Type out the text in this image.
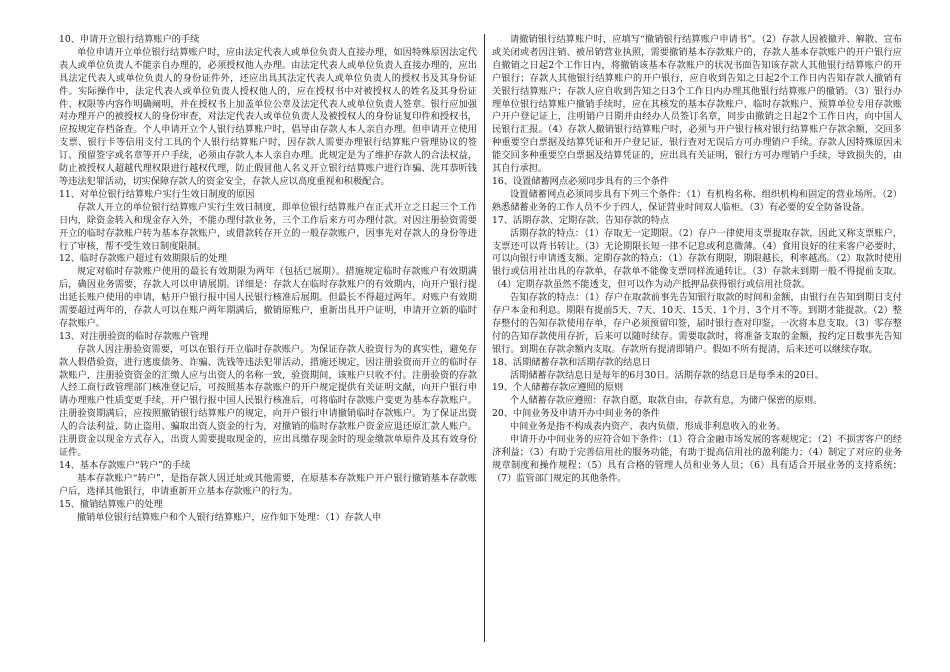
10、申请开立银行结算账户的手续

单位申请开立单位银行结算账户时，应由法定代表人或单位负责人直接办理，如因特殊原因法定代表人或单位负责人不能亲自办理的，必须授权他人办理。由法定代表人或单位负责人直接办理的，应出具法定代表人或单位负责人的身份证件外，还应出具其法定代表人或单位负责人的授权书及其身份证件。实际操作中，法定代表人或单位负责人授权他人的，应在授权书中对被授权人的姓名及其身份证件、权限等内容作明确阐明，并在授权书上加盖单位公章及法定代表人或单位负责人签章。银行应加强对办理开户的被授权人的身份审查，对法定代表人或单位负责人及被授权人的身份证复印件和授权书，应按规定存档备查。个人申请开立个人银行结算账户时，倡导由存款人本人亲自办理。但申请开立使用支票、银行卡等信用支付工具的个人银行结算账户时，因存款人需要办理银行结算账户管理协议的签订、预留签字或名章等开户手续，必须由存款人本人亲自办理。此规定是为了维护存款人的合法权益，防止被授权人超越代理权限进行越权代理，防止假冒他人名义开立银行结算账户进行诈骗、洗耳恭听钱等违法犯罪活动，切实保障存款人的资金安全，存款人应以高度重视和积极配合。

11、对单位银行结算账户实行生效日制度的原因

存款人开立的单位银行结算账户实行生效日制度，即单位银行结算账户在正式开立之日起三个工作日内，除资金转入和现金存入外，不能办理付款业务，三个工作后来方可办理付款。对因注册验资需要开立的临时存款账户转为基本存款账户，或借款转存开立的一般存款账户，因事先对存款人的身份等进行了审核，帮不受生效日制度限制。

12、临时存款账户超过有效期限后的处理

规定对临时存款账户使用的最长有效期限为两年（包括已展期）。措施规定临时存款账户有效期满后，确因业务需要，存款人可以申请展期。详细是：存款人在临时存款账户的有效期内，向开户银行提出延长账户使用的申请，帖开户银行报中国人民银行核准后展期。但最长不得超过两年。对账户有效期需要超过两年的，存款人可以在账户两年期满后，撤销原账户，重新出具开户证明，申请开立新的临时存款账户。

13、对注册验资的临时存款账户管理

存款人因注册验资需要，可以在银行开立临时存款账户。为保证存款人验资行为的真实性，避免存款人假借验资，进行逃废债务、诈骗、洗钱等违法犯罪活动，措施还规定，因注册验资而开立的临时存款账户，注册验资资金的汇缴人应与出资人的名称一致，验资期间，该账户只收不付。注册验资的存款人经工商行政管理部门核准登记后，可按照基本存款账户的开户规定提供有关证明文献，向开户银行申请办理账户性质变更手续，开户银行报中国人民银行核准后，可将临时存款账户变更为基本存款账户。注册验资期满后，应按照撤销银行结算账户的规定，向开户银行申请撤销临时存款账户。为了保证出资人的合法利益，防止盗用、骗取出资人资金的行为，对撤销的临时存款账户资金应退还原汇款人账户。注册资金以现金方式存入，出资人需要提取现金的，应出具缴存现金时的现金缴款单原件及其有效身份证件。

14、基本存款账户“转户”的手续

基本存款账户“转户”，是指存款人因迁址或其他需要，在原基本存款账户开户银行撤销基本存款账户后，选择其他银行，申请重新开立基本存款账户的行为。

15、撤销结算账户的处理

撤销单位银行结算账户和个人银行结算账户，应作如下处理：（1）存款人申

请撤销银行结算账户时，应填写“撤销银行结算账户申请书”。（2）存款人因被撤并、解散、宣布或关闭或者因注销、被吊销营业执照，需要撤销基本存款账户的，存款人基本存款账户的开户银行应自撤销之日起2个工作日内，将撤销该基本存款账户的状况书面告知该存款人其他银行结算账户的开户银行；存款人其他银行结算账户的开户银行，应自收到告知之日起2个工作日内告知存款人撤销有关银行结算账户；存款人应自收到告知之日3个工作日内办理其他银行结算账户的撤销。（3）银行办理单位银行结算账户撤销手续时，应在其核发的基本存款账户、临时存款账户、预算单位专用存款账户开户登记证上，注明销户日期并由经办人员签订名章，同步由撤销之日起2个工作日内，向中国人民银行汇报。（4）存款人撤销银行结算账户时，必须与开户银行核对银行结算账户存款余额，交回多种重要空白票据及结算凭证和开户登记证，银行查对无误后方可办理销户手续。存款人因特殊原因未能交回多种重要空白票据及结算凭证的，应出具有关证明，银行方可办理销户手续，导致损失的，由其自行承担。

16、设置储蓄网点必须同步具有的三个条件

设置储蓄网点必须同步具有下列三个条件：（1）有机构名称、组织机构和固定的营业场所。（2）熟悉储蓄业务的工作人员不少于四人，保证营业时间双人临柜。（3）有必要的安全防备设备。

17、活期存款、定期存款、告知存款的特点

活期存款的特点：（1）存取无一定期限。（2）存户一律使用支票提取存款，因此又称支票账户，支票还可以背书转让。（3）无论期限长短一律不记息或利息微薄。（4）食用良好的往来客户必要时，可以向银行申请透支额。定期存款的特点：（1）存款有期限，期限越长，利率越高。（2）取款时使用银行或信用社出具的存款单，存款单不能像支票同样流通转让。（3）存款未到期一般不得提前支取。（4）定期存款虽然不能透支，但可以作为动产抵押品获得银行或信用社贷款。

告知存款的特点：（1）存户在取款前事先告知银行取款的时间和金额，由银行在告知到期日支付存户本金和利息。期限有提前5天、7天、10天、15天、1个月、3个月不等。到期才能提款。（2）整存整付的告知存款使用存单，存户必须预留印签，届时银行查对印鉴，一次将本息支取。（3）零存整付的告知存款使用存折，后来可以随时续存。需要取款时，将准备支取的金额，按约定日数事先告知银行。到期在存款余额内支取。存款所有提清即销户。假如不所有提清，后来还可以继续存取。

18、活期储蓄存款和活期存款的结息日

活期储蓄存款结息日是每年的6月30日。活期存款的结息日是每季末的20日。

19、个人储蓄存款应遵照的原则

个人储蓄存款应遵照：存款自愿，取款自由，存款有息，为储户保密的原则。

20、中间业务及申请开办中间业务的条件

中间业务是指不构成表内资产、表内负债、形成非利息收入的业务。

申请开办中间业务的应符合如下条件：（1）符合金融市场发展的客观规定；（2）不损害客户的经济利益；（3）有助于完善信用社的服务功能，有助于提高信用社的盈利能力；（4）制定了对应的业务规章制度和操作规程；（5）具有合格的管理人员和业务人员；（6）具有适合开展业务的支持系统；（7）监管部门规定的其他条件。
